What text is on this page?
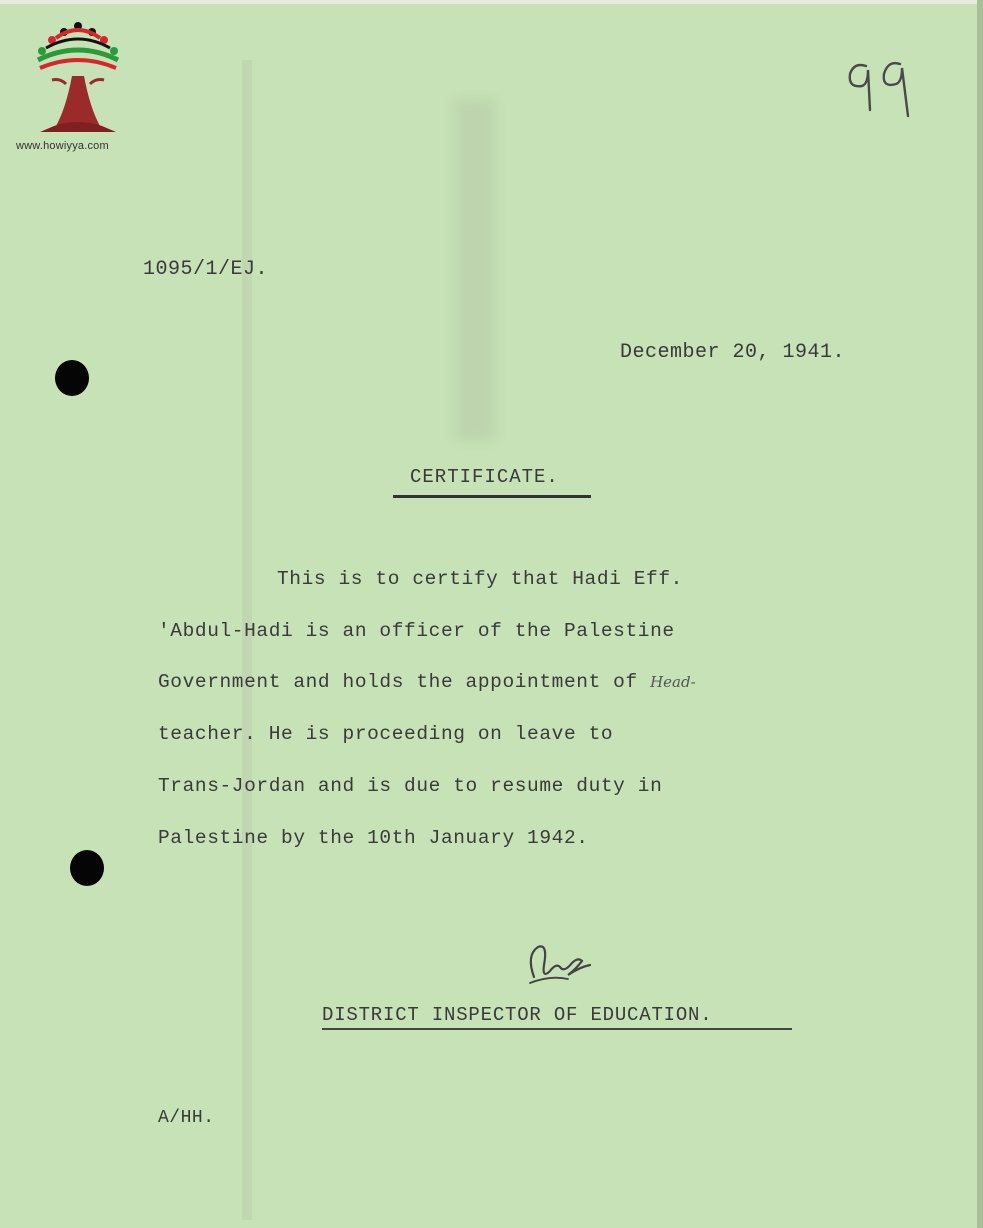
www.howiyya.com
1095/1/EJ.
December 20, 1941.
CERTIFICATE.
This is to certify that Hadi Eff.
'Abdul-Hadi is an officer of the Palestine
Government and holds the appointment of Head-
teacher. He is proceeding on leave to
Trans-Jordan and is due to resume duty in
Palestine by the 10th January 1942.
DISTRICT INSPECTOR OF EDUCATION.
A/HH.
